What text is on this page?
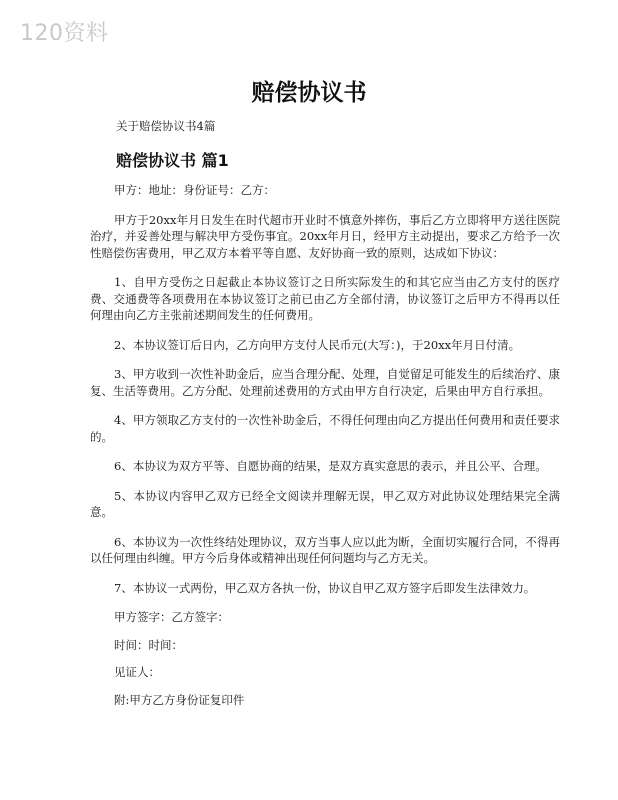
120资料
赔偿协议书

关于赔偿协议书4篇

赔偿协议书 篇1

甲方：地址：身份证号：乙方：

甲方于20xx年月日发生在时代超市开业时不慎意外摔伤，事后乙方立即将甲方送往医院治疗，并妥善处理与解决甲方受伤事宜。20xx年月日，经甲方主动提出，要求乙方给予一次性赔偿伤害费用，甲乙双方本着平等自愿、友好协商一致的原则，达成如下协议：

1、自甲方受伤之日起截止本协议签订之日所实际发生的和其它应当由乙方支付的医疗费、交通费等各项费用在本协议签订之前已由乙方全部付清，协议签订之后甲方不得再以任何理由向乙方主张前述期间发生的任何费用。

2、本协议签订后日内，乙方向甲方支付人民币元(大写：)，于20xx年月日付清。

3、甲方收到一次性补助金后，应当合理分配、处理，自觉留足可能发生的后续治疗、康复、生活等费用。乙方分配、处理前述费用的方式由甲方自行决定，后果由甲方自行承担。

4、甲方领取乙方支付的一次性补助金后，不得任何理由向乙方提出任何费用和责任要求的。

6、本协议为双方平等、自愿协商的结果，是双方真实意思的表示，并且公平、合理。

5、本协议内容甲乙双方已经全文阅读并理解无误，甲乙双方对此协议处理结果完全满意。

6、本协议为一次性终结处理协议，双方当事人应以此为断，全面切实履行合同，不得再以任何理由纠缠。甲方今后身体或精神出现任何问题均与乙方无关。

7、本协议一式两份，甲乙双方各执一份，协议自甲乙双方签字后即发生法律效力。

甲方签字：乙方签字：

时间：时间：

见证人：

附:甲方乙方身份证复印件
